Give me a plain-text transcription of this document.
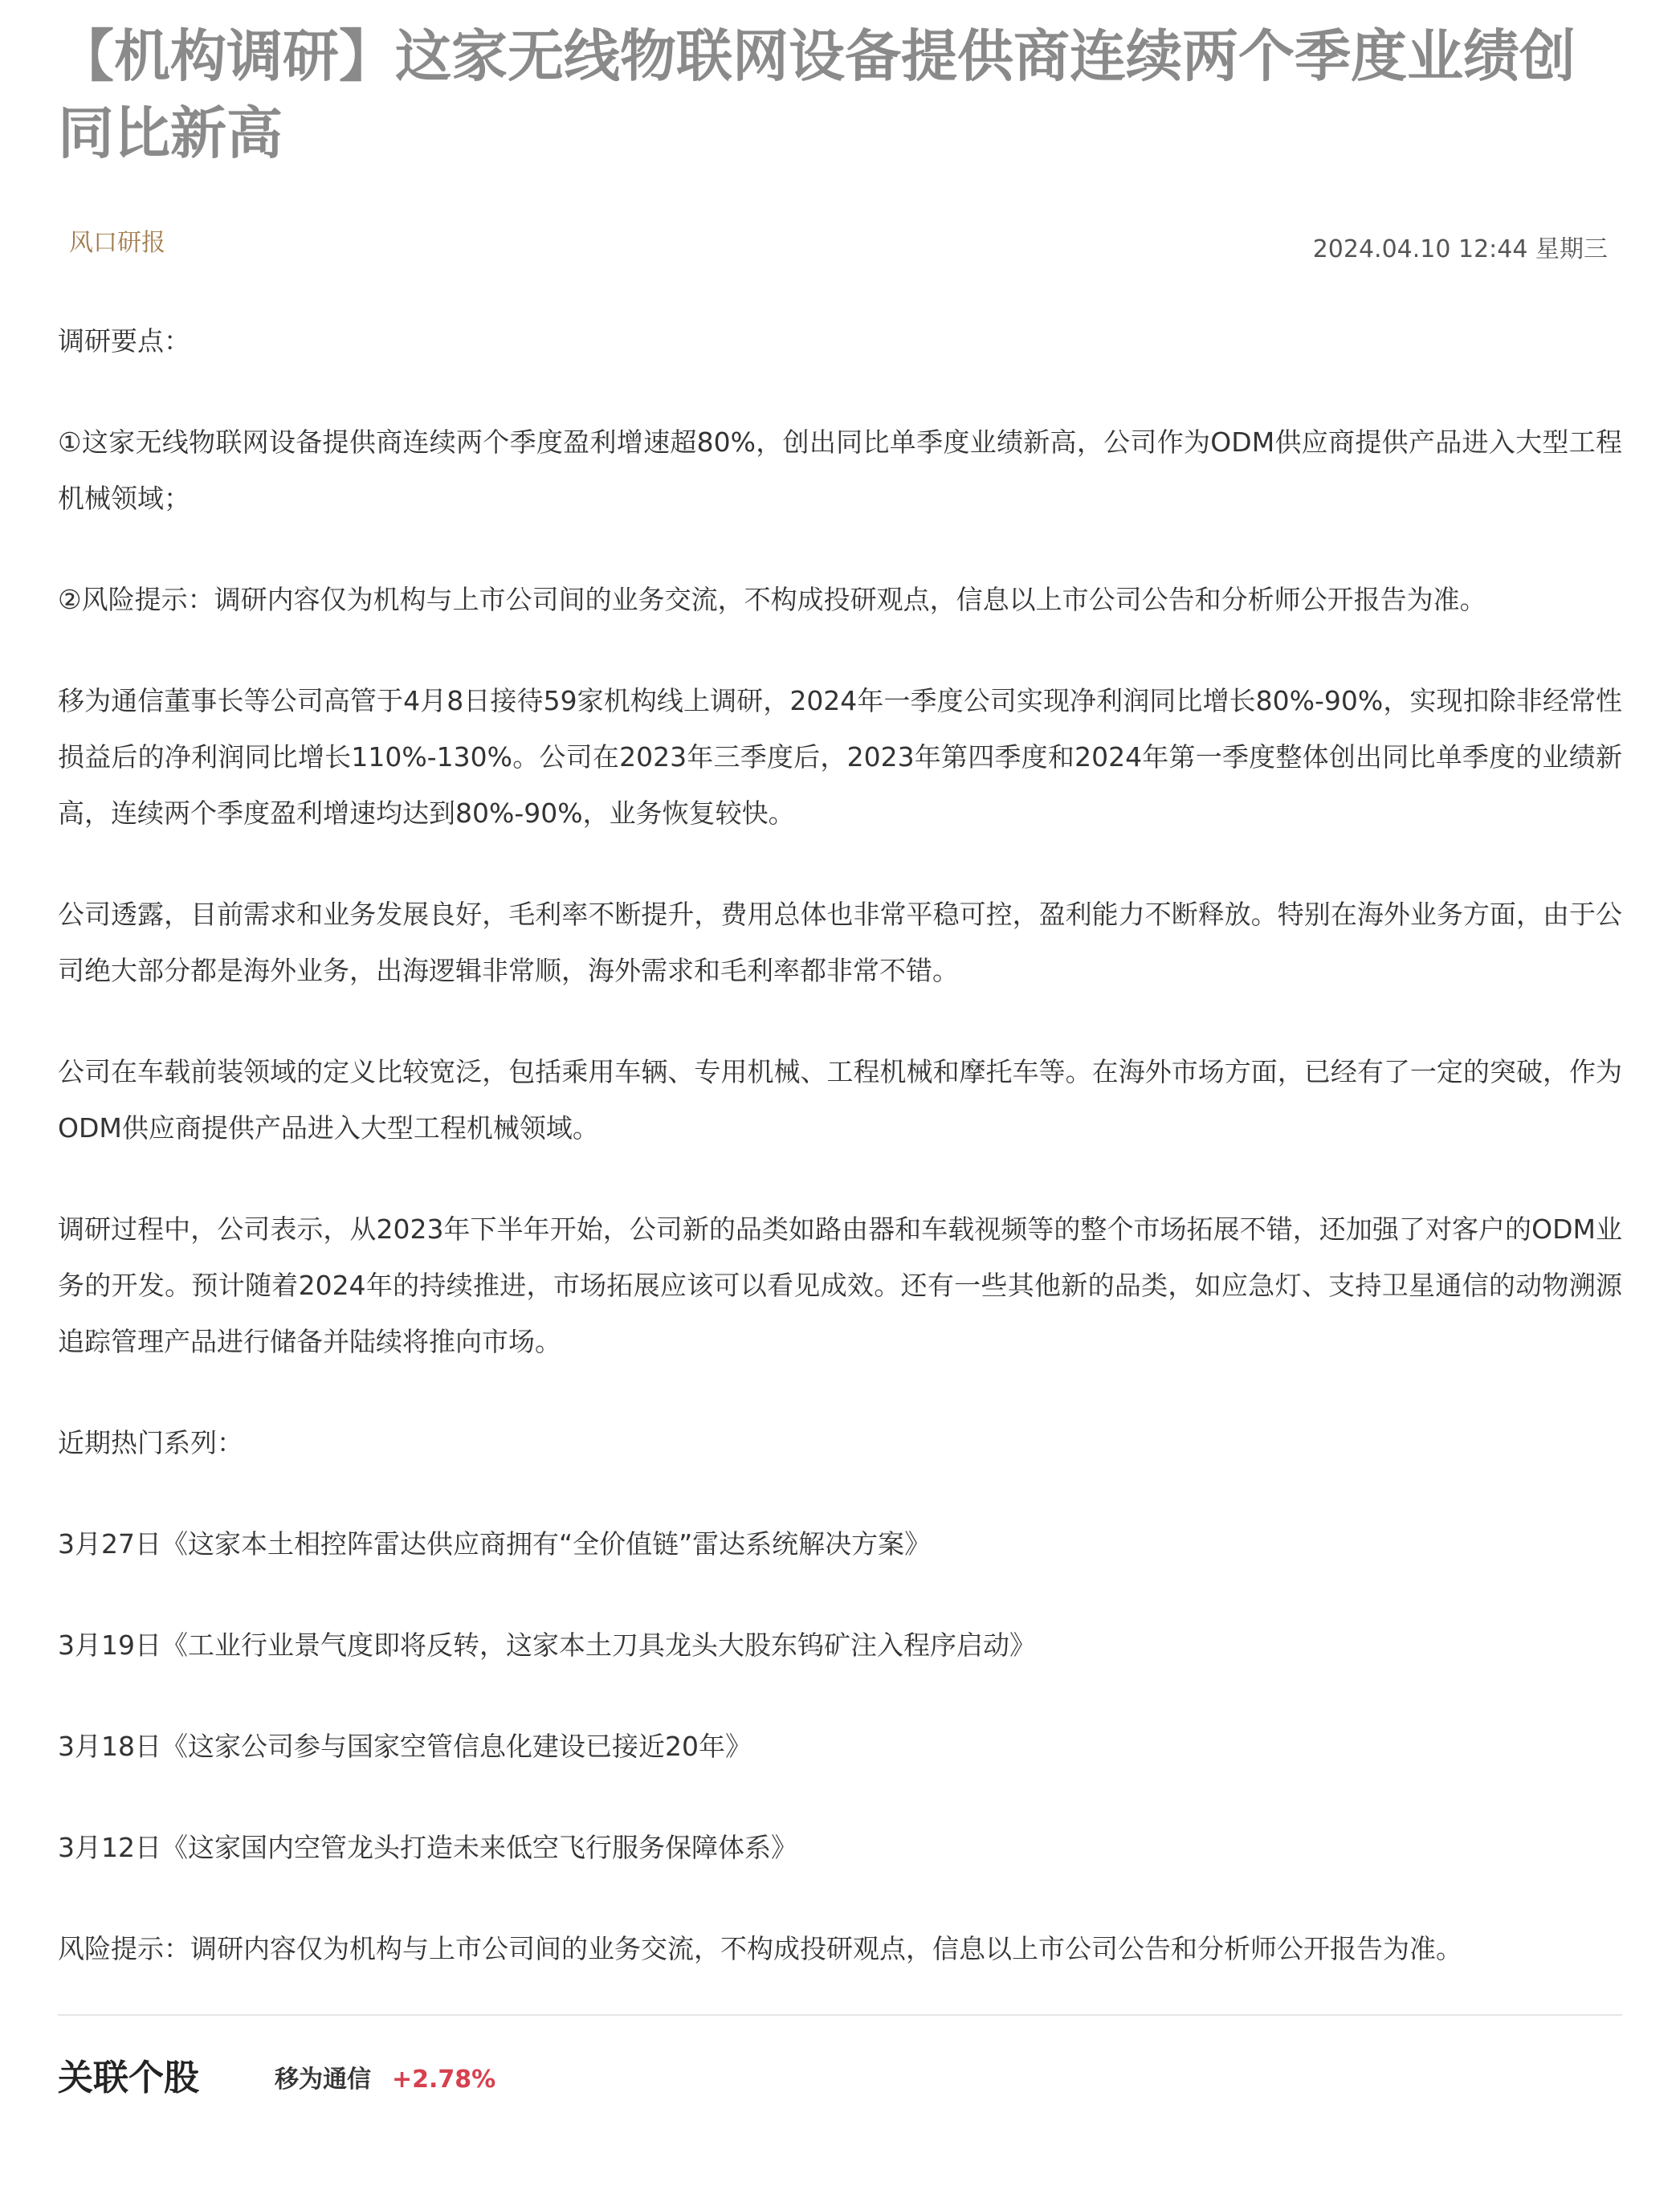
【机构调研】这家无线物联网设备提供商连续两个季度业绩创同比新高
风口研报	2024.04.10 12:44 星期三

调研要点：

①这家无线物联网设备提供商连续两个季度盈利增速超80%，创出同比单季度业绩新高，公司作为ODM供应商提供产品进入大型工程机械领域；

②风险提示：调研内容仅为机构与上市公司间的业务交流，不构成投研观点，信息以上市公司公告和分析师公开报告为准。

移为通信董事长等公司高管于4月8日接待59家机构线上调研，2024年一季度公司实现净利润同比增长80%-90%，实现扣除非经常性损益后的净利润同比增长110%-130%。公司在2023年三季度后，2023年第四季度和2024年第一季度整体创出同比单季度的业绩新高，连续两个季度盈利增速均达到80%-90%，业务恢复较快。

公司透露，目前需求和业务发展良好，毛利率不断提升，费用总体也非常平稳可控，盈利能力不断释放。特别在海外业务方面，由于公司绝大部分都是海外业务，出海逻辑非常顺，海外需求和毛利率都非常不错。

公司在车载前装领域的定义比较宽泛，包括乘用车辆、专用机械、工程机械和摩托车等。在海外市场方面，已经有了一定的突破，作为ODM供应商提供产品进入大型工程机械领域。

调研过程中，公司表示，从2023年下半年开始，公司新的品类如路由器和车载视频等的整个市场拓展不错，还加强了对客户的ODM业务的开发。预计随着2024年的持续推进，市场拓展应该可以看见成效。还有一些其他新的品类，如应急灯、支持卫星通信的动物溯源追踪管理产品进行储备并陆续将推向市场。

近期热门系列：

3月27日《这家本土相控阵雷达供应商拥有“全价值链”雷达系统解决方案》

3月19日《工业行业景气度即将反转，这家本土刀具龙头大股东钨矿注入程序启动》

3月18日《这家公司参与国家空管信息化建设已接近20年》

3月12日《这家国内空管龙头打造未来低空飞行服务保障体系》

风险提示：调研内容仅为机构与上市公司间的业务交流，不构成投研观点，信息以上市公司公告和分析师公开报告为准。

关联个股	移为通信 +2.78%
